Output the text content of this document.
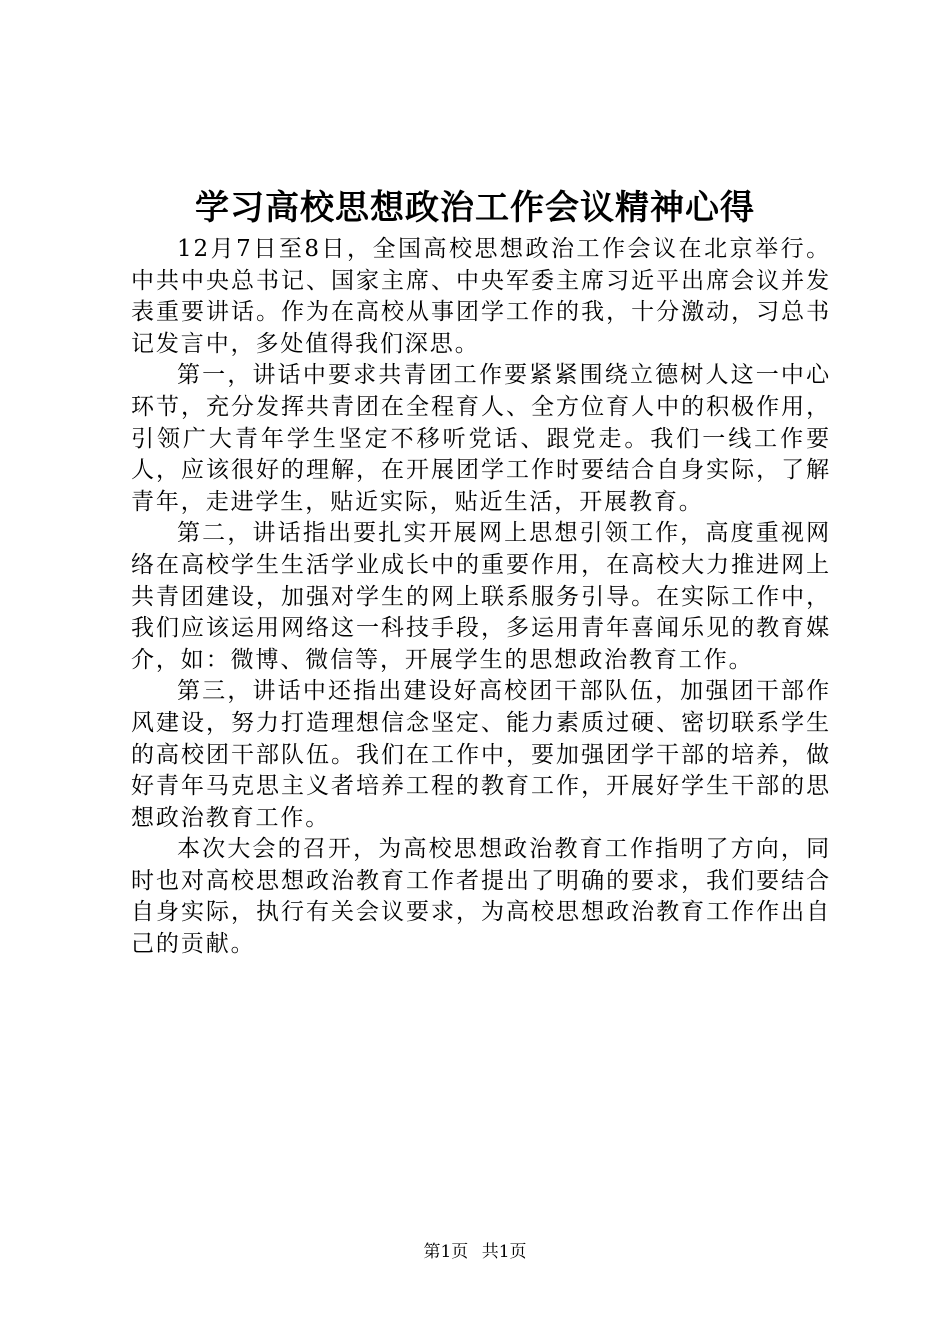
学习高校思想政治工作会议精神心得

12月7日至8日，全国高校思想政治工作会议在北京举行。中共中央总书记、国家主席、中央军委主席习近平出席会议并发表重要讲话。作为在高校从事团学工作的我，十分激动，习总书记发言中，多处值得我们深思。

第一，讲话中要求共青团工作要紧紧围绕立德树人这一中心环节，充分发挥共青团在全程育人、全方位育人中的积极作用，引领广大青年学生坚定不移听党话、跟党走。我们一线工作要人，应该很好的理解，在开展团学工作时要结合自身实际，了解青年，走进学生，贴近实际，贴近生活，开展教育。

第二，讲话指出要扎实开展网上思想引领工作，高度重视网络在高校学生生活学业成长中的重要作用，在高校大力推进网上共青团建设，加强对学生的网上联系服务引导。在实际工作中，我们应该运用网络这一科技手段，多运用青年喜闻乐见的教育媒介，如：微博、微信等，开展学生的思想政治教育工作。

第三，讲话中还指出建设好高校团干部队伍，加强团干部作风建设，努力打造理想信念坚定、能力素质过硬、密切联系学生的高校团干部队伍。我们在工作中，要加强团学干部的培养，做好青年马克思主义者培养工程的教育工作，开展好学生干部的思想政治教育工作。

本次大会的召开，为高校思想政治教育工作指明了方向，同时也对高校思想政治教育工作者提出了明确的要求，我们要结合自身实际，执行有关会议要求，为高校思想政治教育工作作出自己的贡献。

第1页 共1页
